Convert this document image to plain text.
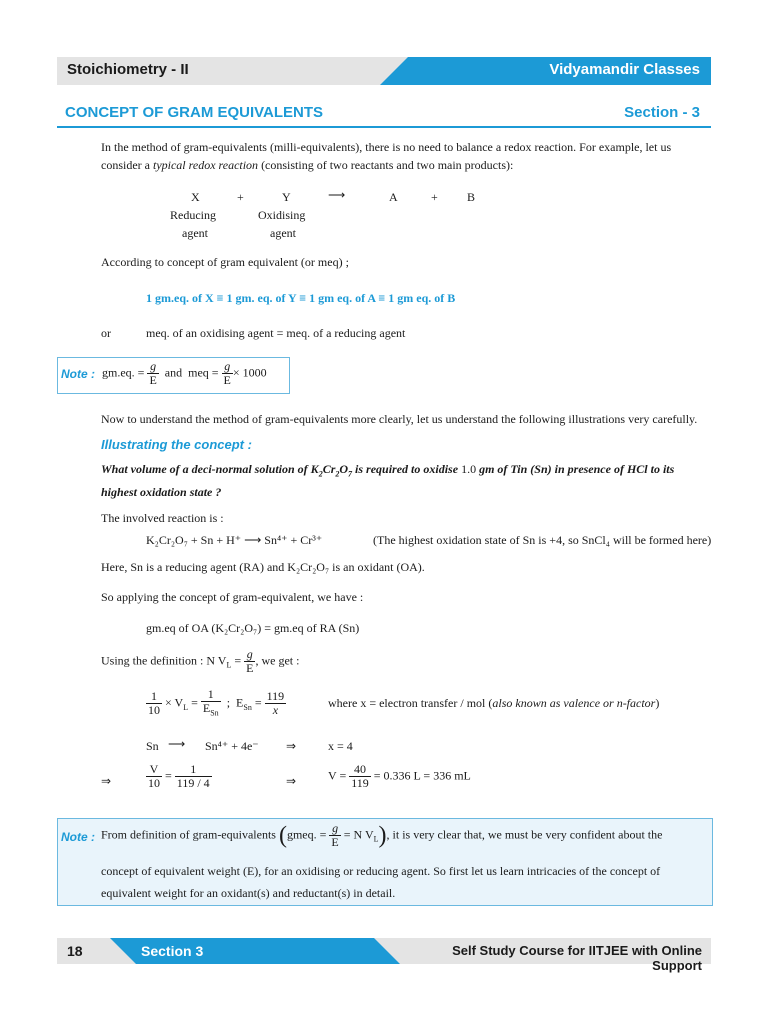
Stoichiometry - II	Vidyamandir Classes
CONCEPT OF GRAM EQUIVALENTS	Section - 3
In the method of gram-equivalents (milli-equivalents), there is no need to balance a redox reaction. For example, let us
consider a typical redox reaction (consisting of two reactants and two main products):
X	+	Y	⟶	A	+ B
Reducing	Oxidising
agent	agent
According to concept of gram equivalent (or meq) ;
1 gm.eq. of X ≡ 1 gm. eq. of Y ≡ 1 gm eq. of A ≡ 1 gm eq. of B
or	meq. of an oxidising agent = meq. of a reducing agent
Note : gm.eq. = $\frac{g}{E}$ and meq = $\frac{g}{E} \times 1000$
Now to understand the method of gram-equivalents more clearly, let us understand the following illustrations very carefully.
Illustrating the concept :
What volume of a deci-normal solution of $K_2Cr_2O_7$ is required to oxidise 1.0 gm of Tin (Sn) in presence of HCl to its
highest oxidation state ?
The involved reaction is :
K₂Cr₂O₇ + Sn + H⁺ ⟶ Sn⁴⁺ + Cr³⁺	(The highest oxidation state of Sn is +4, so SnCl₄ will be formed here)
Here, Sn is a reducing agent (RA) and K₂Cr₂O₇ is an oxidant (OA).
So applying the concept of gram-equivalent, we have :
gm.eq of OA (K₂Cr₂O₇) = gm.eq of RA (Sn)
Using the definition : N $V_L = \frac{g}{E}$ , we get :
$\frac{1}{10} \times V_L = \frac{1}{E_{Sn}}$ ; $E_{Sn} = \frac{119}{x}$	where x = electron transfer / mol (also known as valence or n-factor)
Sn ⟶ Sn⁴⁺ + 4e⁻ ⇒	x = 4
⇒	$\frac{V}{10} = \frac{1}{119 / 4}$	⇒	$V = \frac{40}{119} = 0.336$ L = 336 mL
Note : From definition of gram-equivalents (gmeq. = $\frac{g}{E} = N$ $V_L$), it is very clear that, we must be very confident about the
concept of equivalent weight (E), for an oxidising or reducing agent. So first let us learn intricacies of the concept of
equivalent weight for an oxidant(s) and reductant(s) in detail.
18	Section 3	Self Study Course for IITJEE with Online Support
